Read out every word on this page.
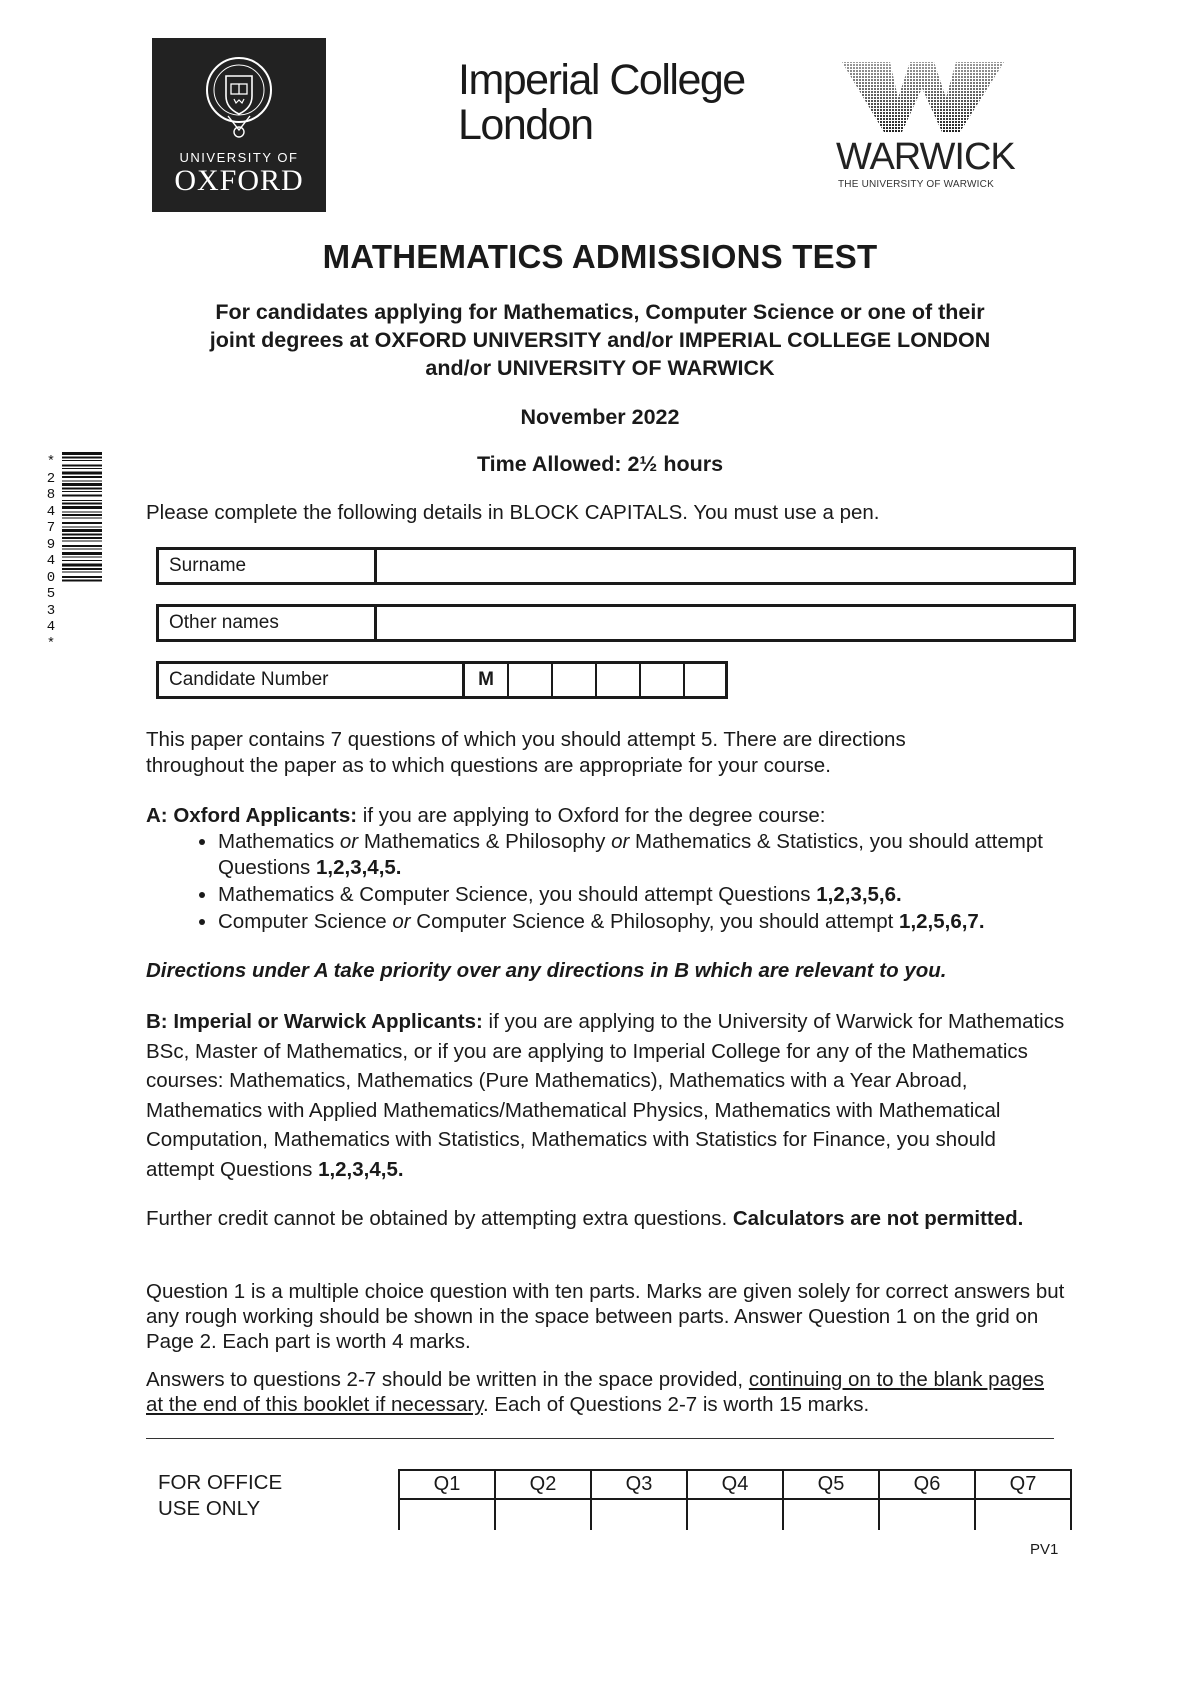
UNIVERSITY OF
OXFORD
Imperial College
London
WARWICK
THE UNIVERSITY OF WARWICK
MATHEMATICS ADMISSIONS TEST
For candidates applying for Mathematics, Computer Science or one of their
joint degrees at OXFORD UNIVERSITY and/or IMPERIAL COLLEGE LONDON
and/or UNIVERSITY OF WARWICK
November 2022
Time Allowed: 2½ hours
*
2
8
4
7
9
4
0
5
3
4
*
Please complete the following details in BLOCK CAPITALS. You must use a pen.
Surname
Other names
Candidate Number	M
This paper contains 7 questions of which you should attempt 5. There are directions
throughout the paper as to which questions are appropriate for your course.
A: Oxford Applicants: if you are applying to Oxford for the degree course:
• Mathematics or Mathematics & Philosophy or Mathematics & Statistics, you should attempt Questions 1,2,3,4,5.
• Mathematics & Computer Science, you should attempt Questions 1,2,3,5,6.
• Computer Science or Computer Science & Philosophy, you should attempt 1,2,5,6,7.
Directions under A take priority over any directions in B which are relevant to you.
B: Imperial or Warwick Applicants: if you are applying to the University of Warwick for Mathematics BSc, Master of Mathematics, or if you are applying to Imperial College for any of the Mathematics courses: Mathematics, Mathematics (Pure Mathematics), Mathematics with a Year Abroad, Mathematics with Applied Mathematics/Mathematical Physics, Mathematics with Mathematical Computation, Mathematics with Statistics, Mathematics with Statistics for Finance, you should attempt Questions 1,2,3,4,5.
Further credit cannot be obtained by attempting extra questions. Calculators are not permitted.
Question 1 is a multiple choice question with ten parts. Marks are given solely for correct answers but any rough working should be shown in the space between parts. Answer Question 1 on the grid on Page 2. Each part is worth 4 marks.
Answers to questions 2-7 should be written in the space provided, continuing on to the blank pages at the end of this booklet if necessary. Each of Questions 2-7 is worth 15 marks.
FOR OFFICE
USE ONLY
Q1	Q2	Q3	Q4	Q5	Q6	Q7

PV1
